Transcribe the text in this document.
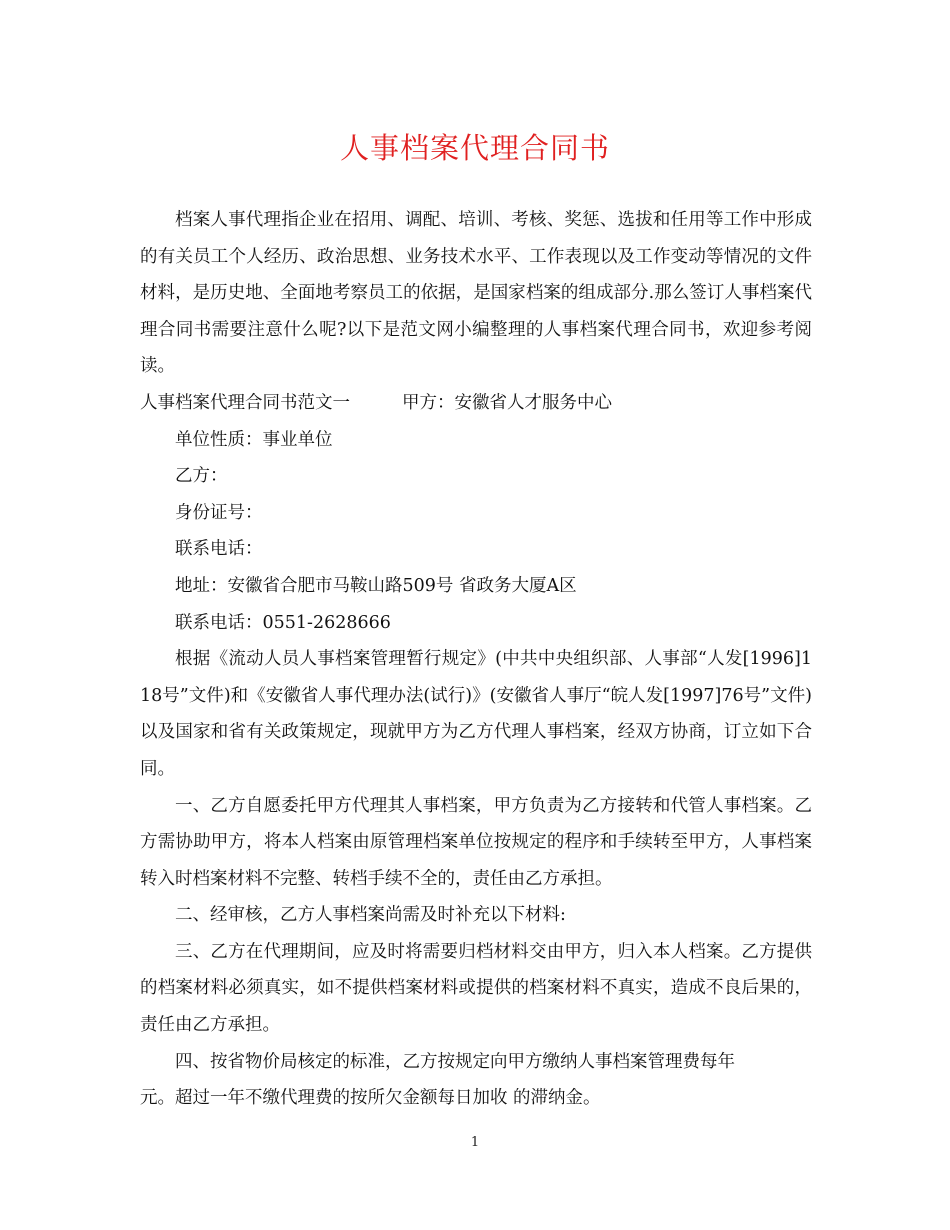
人事档案代理合同书

档案人事代理指企业在招用、调配、培训、考核、奖惩、选拔和任用等工作中形成的有关员工个人经历、政治思想、业务技术水平、工作表现以及工作变动等情况的文件材料，是历史地、全面地考察员工的依据，是国家档案的组成部分.那么签订人事档案代理合同书需要注意什么呢?以下是范文网小编整理的人事档案代理合同书，欢迎参考阅读。

人事档案代理合同书范文一	甲方：安徽省人才服务中心

单位性质：事业单位

乙方：

身份证号：

联系电话：

地址：安徽省合肥市马鞍山路509号 省政务大厦A区

联系电话：0551-2628666

根据《流动人员人事档案管理暂行规定》(中共中央组织部、人事部“人发[1996]118号”文件)和《安徽省人事代理办法(试行)》(安徽省人事厅“皖人发[1997]76号”文件)以及国家和省有关政策规定，现就甲方为乙方代理人事档案，经双方协商，订立如下合同。

一、乙方自愿委托甲方代理其人事档案，甲方负责为乙方接转和代管人事档案。乙方需协助甲方，将本人档案由原管理档案单位按规定的程序和手续转至甲方，人事档案转入时档案材料不完整、转档手续不全的，责任由乙方承担。

二、经审核，乙方人事档案尚需及时补充以下材料:

三、乙方在代理期间，应及时将需要归档材料交由甲方，归入本人档案。乙方提供的档案材料必须真实，如不提供档案材料或提供的档案材料不真实，造成不良后果的，责任由乙方承担。

四、按省物价局核定的标准，乙方按规定向甲方缴纳人事档案管理费每年

元。超过一年不缴代理费的按所欠金额每日加收 的滞纳金。

1
